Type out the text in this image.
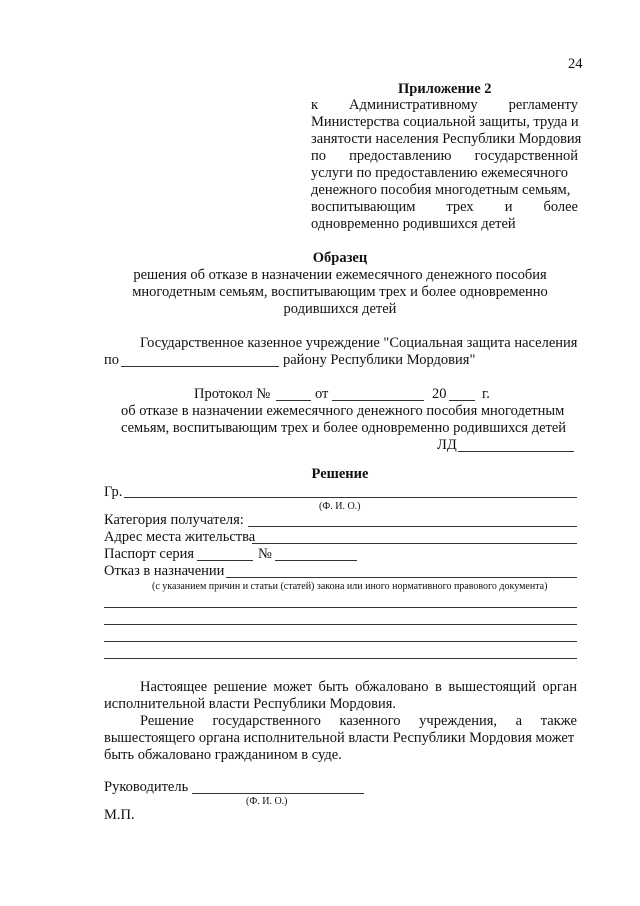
24
Приложение 2
к Административному регламенту
Министерства социальной защиты, труда и
занятости населения Республики Мордовия
по предоставлению государственной
услуги по предоставлению ежемесячного
денежного пособия многодетным семьям,
воспитывающим трех и более
одновременно родившихся детей
Образец
решения об отказе в назначении ежемесячного денежного пособия
многодетным семьям, воспитывающим трех и более одновременно
родившихся детей
Государственное казенное учреждение "Социальная защита населения
по	району Республики Мордовия"
Протокол №	от	20 г.
об отказе в назначении ежемесячного денежного пособия многодетным
семьям, воспитывающим трех и более одновременно родившихся детей
ЛД
Решение
Гр.
(Ф. И. О.)
Категория получателя:
Адрес места жительства
Паспорт серия	№
Отказ в назначении
(с указанием причин и статьи (статей) закона или иного нормативного правового документа)
Настоящее решение может быть обжаловано в вышестоящий орган
исполнительной власти Республики Мордовия.
Решение государственного казенного учреждения, а также
вышестоящего органа исполнительной власти Республики Мордовия может
быть обжаловано гражданином в суде.
Руководитель
(Ф. И. О.)
М.П.
